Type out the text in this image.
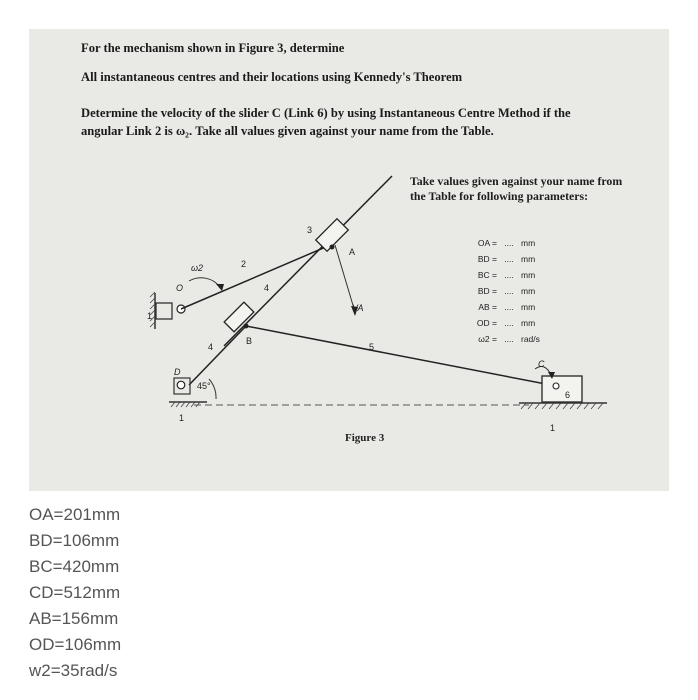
For the mechanism shown in Figure 3, determine
All instantaneous centres and their locations using Kennedy's Theorem
Determine the velocity of the slider C (Link 6) by using Instantaneous Centre Method if the
angular Link 2 is ω₂. Take all values given against your name from the Table.
O
1
ω2	2
3
A
4
VA
B
4	5
D
45°
1
C
6
1
Figure 3
Take values given against your name from the Table for following parameters:
OA = .... mm
BD = .... mm
BC = .... mm
BD = .... mm
AB = .... mm
OD = .... mm
ω2 = .... rad/s
OA=201mm
BD=106mm
BC=420mm
CD=512mm
AB=156mm
OD=106mm
w2=35rad/s
